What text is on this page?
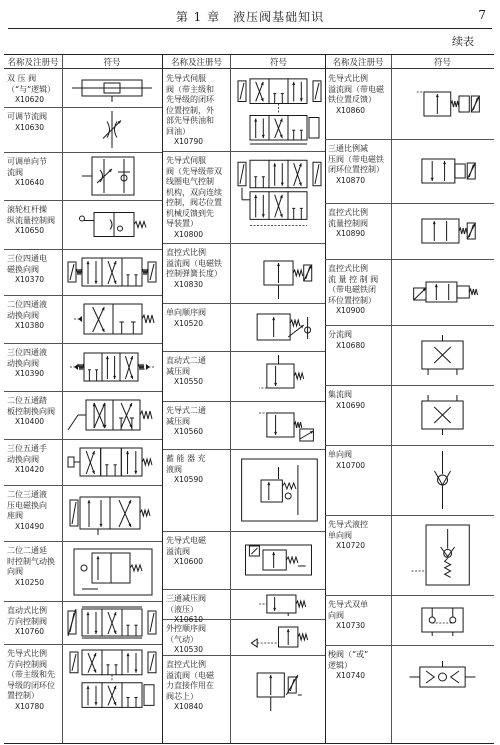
第 1 章　液压阀基础知识	7
续表
名称及注册号	符号
双 压 阀
（“与”逻辑）
X10620
可调节流阀
X10630
可调单向节
流阀
X10640
滚轮杠杆操
纵流量控制阀
X10650
三位四通电
磁换向阀
X10370
二位四通液
动换向阀
X10380
三位四通液
动换向阀
X10390
二位五通踏
板控制换向阀
X10400
三位五通手
动换向阀
X10420
二位三通液
压电磁换向
座阀
X10490
二位二通延
时控制气动换
向阀
X10250
直动式比例
方向控制阀
X10760
先导式比例
方向控制阀
（带主级和先
导级的闭环位
置控制）
X10780
名称及注册号	符号
先导式伺服
阀（带主级和
先导级的闭环
位置控制，外
部先导供油和
回油）
X10790
先导式伺服
阀（先导级带双
线圈电气控制
机构，双向连续
控制，阀芯位置
机械反馈到先
导装置）
X10800
直控式比例
溢流阀（电磁铁
控制弹簧长度）
X10830
单向顺序阀
X10520
直动式二通
减压阀
X10550
先导式二通
减压阀
X10560
蓄 能 器 充
液阀
X10590
先导式电磁
溢流阀
X10600
三通减压阀
（液压）
X10610
外控顺序阀
（气动）
X10530
直控式比例
溢流阀（电磁
力直接作用在
阀芯上）
X10840
名称及注册号	符号
先导式比例
溢流阀（带电磁
铁位置反馈）
X10860
三通比例减
压阀（带电磁铁
闭环位置控制）
X10870
直控式比例
流量控制阀
X10890
直控式比例
流 量 控 制 阀
（带电磁铁闭
环位置控制）
X10900
分流阀
X10680
集流阀
X10690
单向阀
X10700
先导式液控
单向阀
X10720
先导式双单
向阀
X10730
梭阀（“或”
逻辑）
X10740
